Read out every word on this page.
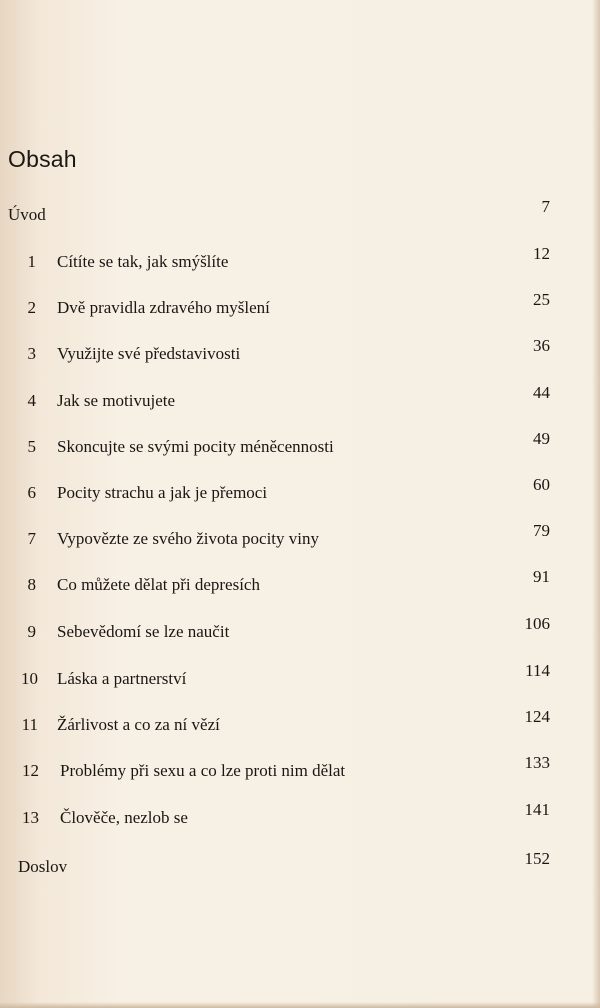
Obsah
Úvod	7
1 Cítíte se tak, jak smýšlíte	12
2 Dvě pravidla zdravého myšlení	25
3 Využijte své představivosti	36
4 Jak se motivujete	44
5 Skoncujte se svými pocity méněcennosti	49
6 Pocity strachu a jak je přemoci	60
7 Vypovězte ze svého života pocity viny	79
8 Co můžete dělat při depresích	91
9 Sebevědomí se lze naučit	106
10 Láska a partnerství	114
11 Žárlivost a co za ní vězí	124
12 Problémy při sexu a co lze proti nim dělat	133
13 Člověče, nezlob se	141
Doslov	152
